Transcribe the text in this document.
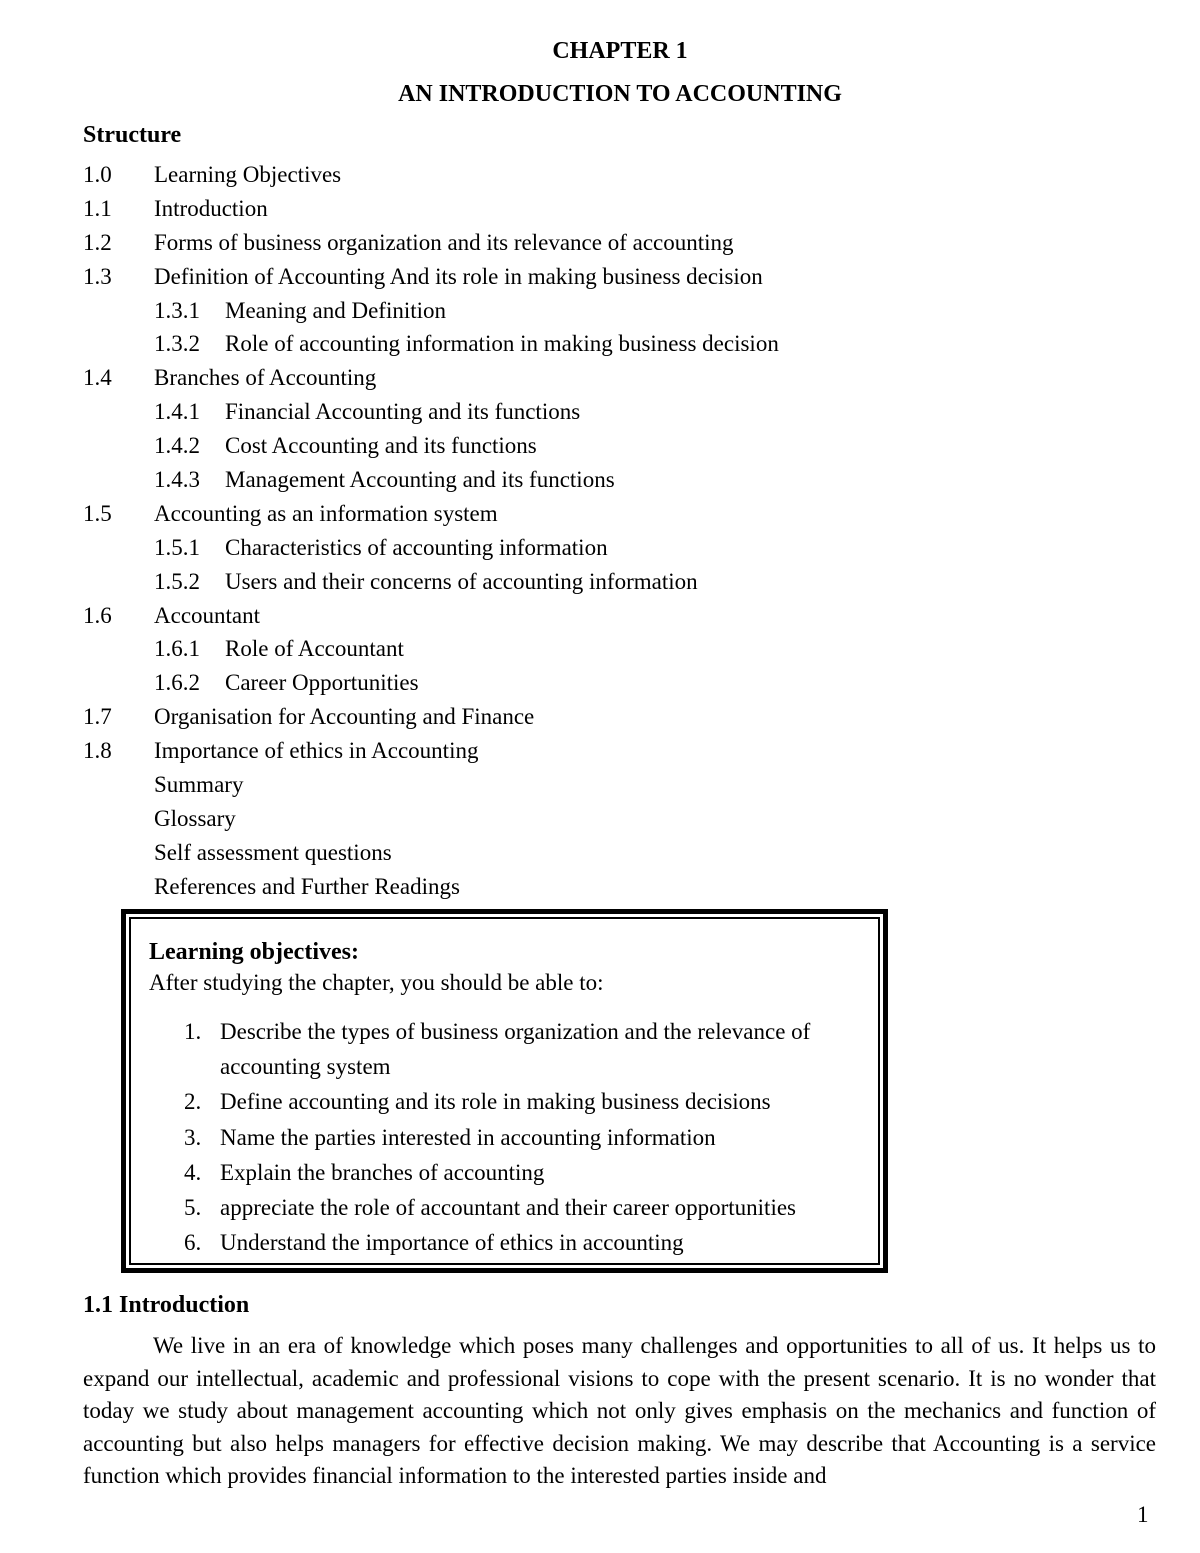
CHAPTER 1
AN INTRODUCTION TO ACCOUNTING
Structure
1.0 Learning Objectives
1.1 Introduction
1.2 Forms of business organization and its relevance of accounting
1.3 Definition of Accounting And its role in making business decision
1.3.1 Meaning and Definition
1.3.2 Role of accounting information in making business decision
1.4 Branches of Accounting
1.4.1 Financial Accounting and its functions
1.4.2 Cost Accounting and its functions
1.4.3 Management Accounting and its functions
1.5 Accounting as an information system
1.5.1 Characteristics of accounting information
1.5.2 Users and their concerns of accounting information
1.6 Accountant
1.6.1 Role of Accountant
1.6.2 Career Opportunities
1.7 Organisation for Accounting and Finance
1.8 Importance of ethics in Accounting
Summary
Glossary
Self assessment questions
References and Further Readings
Learning objectives:
After studying the chapter, you should be able to:
1. Describe the types of business organization and the relevance of accounting system
2. Define accounting and its role in making business decisions
3. Name the parties interested in accounting information
4. Explain the branches of accounting
5. appreciate the role of accountant and their career opportunities
6. Understand the importance of ethics in accounting
1.1 Introduction

We live in an era of knowledge which poses many challenges and opportunities to all of us. It helps us to expand our intellectual, academic and professional visions to cope with the present scenario. It is no wonder that today we study about management accounting which not only gives emphasis on the mechanics and function of accounting but also helps managers for effective decision making. We may describe that Accounting is a service function which provides financial information to the interested parties inside and

1
